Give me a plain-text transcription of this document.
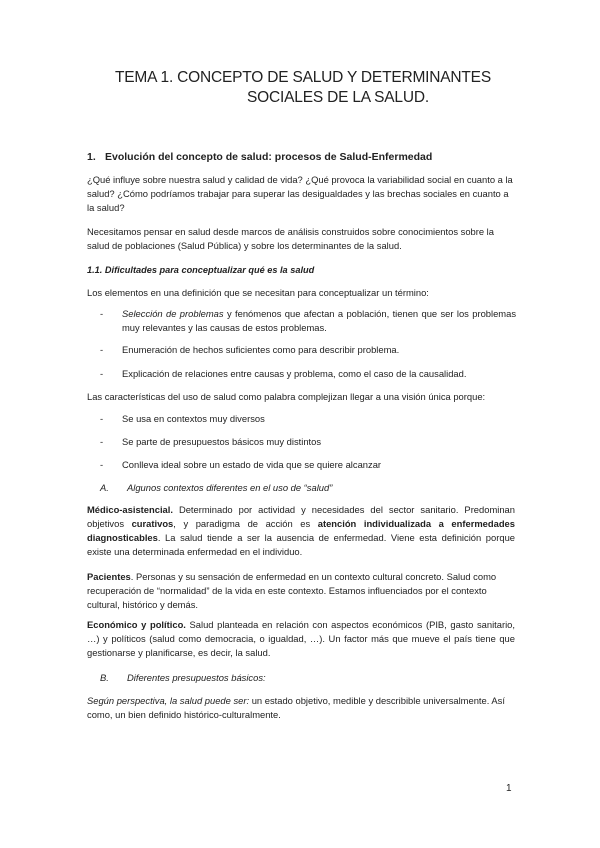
TEMA 1. CONCEPTO DE SALUD Y DETERMINANTES
SOCIALES DE LA SALUD.
1. Evolución del concepto de salud: procesos de Salud-Enfermedad
¿Qué influye sobre nuestra salud y calidad de vida? ¿Qué provoca la variabilidad social en cuanto a la salud? ¿Cómo podríamos trabajar para superar las desigualdades y las brechas sociales en cuanto a la salud?
Necesitamos pensar en salud desde marcos de análisis construidos sobre conocimientos sobre la salud de poblaciones (Salud Pública) y sobre los determinantes de la salud.
1.1. Dificultades para conceptualizar qué es la salud
Los elementos en una definición que se necesitan para conceptualizar un término:
- Selección de problemas y fenómenos que afectan a población, tienen que ser los problemas muy relevantes y las causas de estos problemas.
- Enumeración de hechos suficientes como para describir problema.
- Explicación de relaciones entre causas y problema, como el caso de la causalidad.
Las características del uso de salud como palabra complejizan llegar a una visión única porque:
- Se usa en contextos muy diversos
- Se parte de presupuestos básicos muy distintos
- Conlleva ideal sobre un estado de vida que se quiere alcanzar
A. Algunos contextos diferentes en el uso de “salud”
Médico-asistencial. Determinado por actividad y necesidades del sector sanitario. Predominan objetivos curativos, y paradigma de acción es atención individualizada a enfermedades diagnosticables. La salud tiende a ser la ausencia de enfermedad. Viene esta definición porque existe una determinada enfermedad en el individuo.
Pacientes. Personas y su sensación de enfermedad en un contexto cultural concreto. Salud como recuperación de “normalidad” de la vida en este contexto. Estamos influenciados por el contexto cultural, histórico y demás.
Económico y político. Salud planteada en relación con aspectos económicos (PIB, gasto sanitario, …) y políticos (salud como democracia, o igualdad, …). Un factor más que mueve el país tiene que gestionarse y planificarse, es decir, la salud.
B. Diferentes presupuestos básicos:
Según perspectiva, la salud puede ser: un estado objetivo, medible y describible universalmente. Así como, un bien definido histórico-culturalmente.
1
